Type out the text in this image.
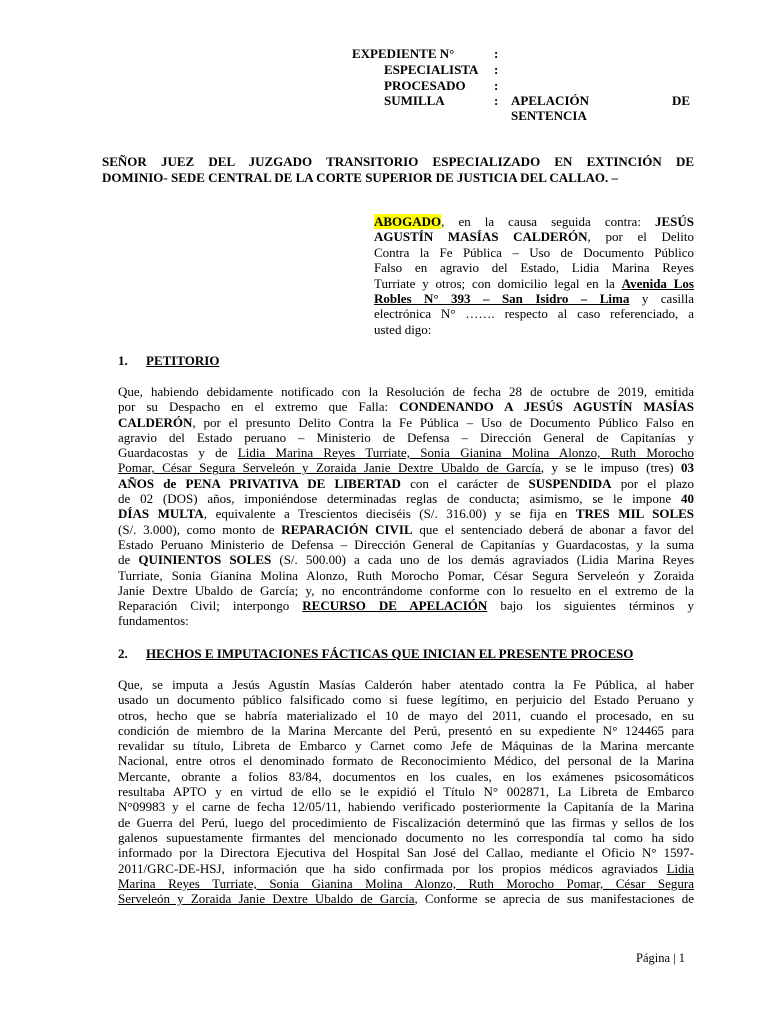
EXPEDIENTE N°	:
ESPECIALISTA :
PROCESADO :
SUMILLA	: APELACIÓN	DE
SENTENCIA
SEÑOR JUEZ DEL JUZGADO TRANSITORIO ESPECIALIZADO EN EXTINCIÓN DE
DOMINIO- SEDE CENTRAL DE LA CORTE SUPERIOR DE JUSTICIA DEL CALLAO. –
ABOGADO, en la causa seguida contra: JESÚS
AGUSTÍN MASÍAS CALDERÓN, por el Delito
Contra la Fe Pública – Uso de Documento Público
Falso en agravio del Estado, Lidia Marina Reyes
Turriate y otros; con domicilio legal en la Avenida Los
Robles N° 393 – San Isidro – Lima y casilla
electrónica N° ……. respecto al caso referenciado, a
usted digo:
1. PETITORIO
Que, habiendo debidamente notificado con la Resolución de fecha 28 de octubre de 2019, emitida
por su Despacho en el extremo que Falla: CONDENANDO A JESÚS AGUSTÍN MASÍAS
CALDERÓN, por el presunto Delito Contra la Fe Pública – Uso de Documento Público Falso en
agravio del Estado peruano – Ministerio de Defensa – Dirección General de Capitanías y
Guardacostas y de Lidia Marina Reyes Turriate, Sonia Gianina Molina Alonzo, Ruth Morocho
Pomar, César Segura Serveleón y Zoraida Janie Dextre Ubaldo de García, y se le impuso (tres) 03
AÑOS de PENA PRIVATIVA DE LIBERTAD con el carácter de SUSPENDIDA por el plazo
de 02 (DOS) años, imponiéndose determinadas reglas de conducta; asimismo, se le impone 40
DÍAS MULTA, equivalente a Trescientos dieciséis (S/. 316.00) y se fija en TRES MIL SOLES
(S/. 3.000), como monto de REPARACIÓN CIVIL que el sentenciado deberá de abonar a favor del
Estado Peruano Ministerio de Defensa – Dirección General de Capitanías y Guardacostas, y la suma
de QUINIENTOS SOLES (S/. 500.00) a cada uno de los demás agraviados (Lidia Marina Reyes
Turriate, Sonia Gianina Molina Alonzo, Ruth Morocho Pomar, César Segura Serveleón y Zoraida
Janie Dextre Ubaldo de García; y, no encontrándome conforme con lo resuelto en el extremo de la
Reparación Civil; interpongo RECURSO DE APELACIÓN bajo los siguientes términos y
fundamentos:
2. HECHOS E IMPUTACIONES FÁCTICAS QUE INICIAN EL PRESENTE PROCESO
Que, se imputa a Jesús Agustín Masías Calderón haber atentado contra la Fe Pública, al haber
usado un documento público falsificado como si fuese legítimo, en perjuicio del Estado Peruano y
otros, hecho que se habría materializado el 10 de mayo del 2011, cuando el procesado, en su
condición de miembro de la Marina Mercante del Perú, presentó en su expediente N° 124465 para
revalidar su título, Libreta de Embarco y Carnet como Jefe de Máquinas de la Marina mercante
Nacional, entre otros el denominado formato de Reconocimiento Médico, del personal de la Marina
Mercante, obrante a folios 83/84, documentos en los cuales, en los exámenes psicosomáticos
resultaba APTO y en virtud de ello se le expidió el Título N° 002871, La Libreta de Embarco
N°09983 y el carne de fecha 12/05/11, habiendo verificado posteriormente la Capitanía de la Marina
de Guerra del Perú, luego del procedimiento de Fiscalización determinó que las firmas y sellos de los
galenos supuestamente firmantes del mencionado documento no les correspondía tal como ha sido
informado por la Directora Ejecutiva del Hospital San José del Callao, mediante el Oficio N° 1597-
2011/GRC-DE-HSJ, información que ha sido confirmada por los propios médicos agraviados Lidia
Marina Reyes Turriate, Sonia Gianina Molina Alonzo, Ruth Morocho Pomar, César Segura
Serveleón y Zoraida Janie Dextre Ubaldo de García, Conforme se aprecia de sus manifestaciones de
Página | 1
